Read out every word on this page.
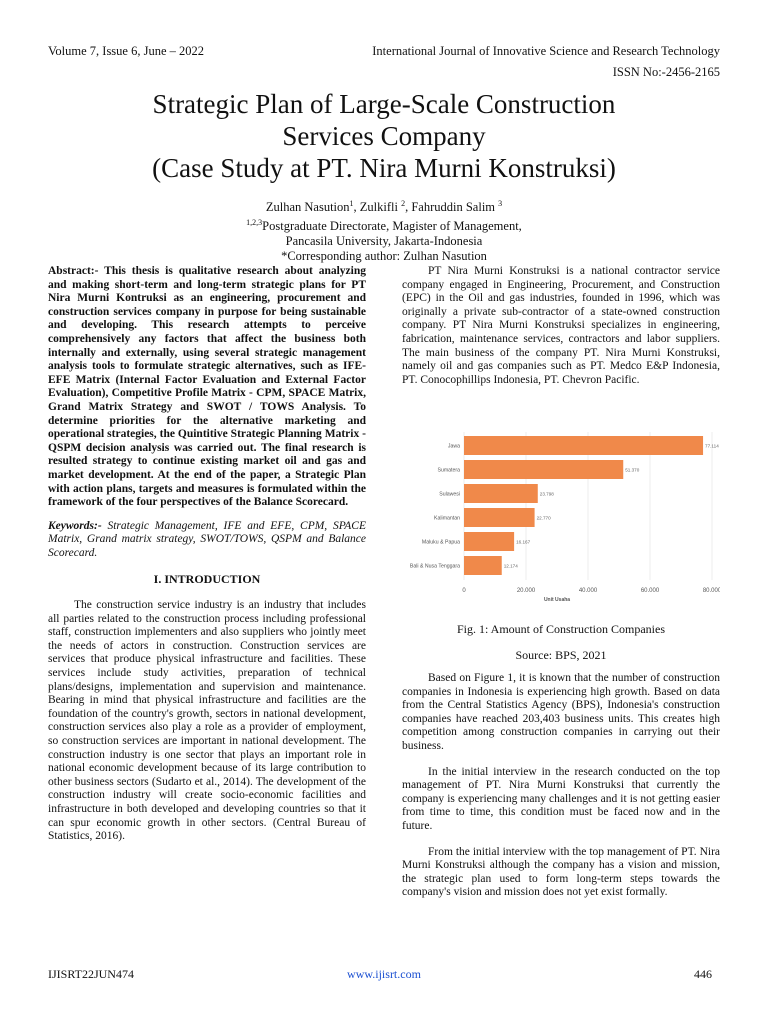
Volume 7, Issue 6, June – 2022	International Journal of Innovative Science and Research Technology
ISSN No:-2456-2165
Strategic Plan of Large-Scale Construction
Services Company
(Case Study at PT. Nira Murni Konstruksi)
Zulhan Nasution$^1$, Zulkifli $^2$, Fahruddin Salim $^3$
$^{1,2,3}$Postgraduate Directorate, Magister of Management,
Pancasila University, Jakarta-Indonesia
*Corresponding author: Zulhan Nasution

Abstract:- This thesis is qualitative research about analyzing and making short-term and long-term strategic plans for PT Nira Murni Kontruksi as an engineering, procurement and construction services company in purpose for being sustainable and developing. This research attempts to perceive comprehensively any factors that affect the business both internally and externally, using several strategic management analysis tools to formulate strategic alternatives, such as IFE-EFE Matrix (Internal Factor Evaluation and External Factor Evaluation), Competitive Profile Matrix - CPM, SPACE Matrix, Grand Matrix Strategy and SWOT / TOWS Analysis. To determine priorities for the alternative marketing and operational strategies, the Quintitive Strategic Planning Matrix - QSPM decision analysis was carried out. The final research is resulted strategy to continue existing market oil and gas and market development. At the end of the paper, a Strategic Plan with action plans, targets and measures is formulated within the framework of the four perspectives of the Balance Scorecard.

Keywords:- Strategic Management, IFE and EFE, CPM, SPACE Matrix, Grand matrix strategy, SWOT/TOWS, QSPM and Balance Scorecard.

I. INTRODUCTION

The construction service industry is an industry that includes all parties related to the construction process including professional staff, construction implementers and also suppliers who jointly meet the needs of actors in construction. Construction services are services that produce physical infrastructure and facilities. These services include study activities, preparation of technical plans/designs, implementation and supervision and maintenance. Bearing in mind that physical infrastructure and facilities are the foundation of the country's growth, sectors in national development, construction services also play a role as a provider of employment, so construction services are important in national development. The construction industry is one sector that plays an important role in national economic development because of its large contribution to other business sectors (Sudarto et al., 2014). The development of the construction industry will create socio-economic facilities and infrastructure in both developed and developing countries so that it can spur economic growth in other sectors. (Central Bureau of Statistics, 2016).

PT Nira Murni Konstruksi is a national contractor service company engaged in Engineering, Procurement, and Construction (EPC) in the Oil and gas industries, founded in 1996, which was originally a private sub-contractor of a state-owned construction company. PT Nira Murni Konstruksi specializes in engineering, fabrication, maintenance services, contractors and labor suppliers. The main business of the company PT. Nira Murni Konstruksi, namely oil and gas companies such as PT. Medco E&P Indonesia, PT. Conocophillips Indonesia, PT. Chevron Pacific.

Jawa	77.114
Sumatera	51.370
Sulawesi	23.798
Kalimantan	22.770
Maluku & Papua	16.167
Bali & Nusa Tenggara	12.174
0	20.000	40.000	60.000	80.000
Unit Usaha
Fig. 1: Amount of Construction Companies
Source: BPS, 2021

Based on Figure 1, it is known that the number of construction companies in Indonesia is experiencing high growth. Based on data from the Central Statistics Agency (BPS), Indonesia's construction companies have reached 203,403 business units. This creates high competition among construction companies in carrying out their business.

In the initial interview in the research conducted on the top management of PT. Nira Murni Konstruksi that currently the company is experiencing many challenges and it is not getting easier from time to time, this condition must be faced now and in the future.

From the initial interview with the top management of PT. Nira Murni Konstruksi although the company has a vision and mission, the strategic plan used to form long-term steps towards the company's vision and mission does not yet exist formally.

IJISRT22JUN474	www.ijisrt.com	446
